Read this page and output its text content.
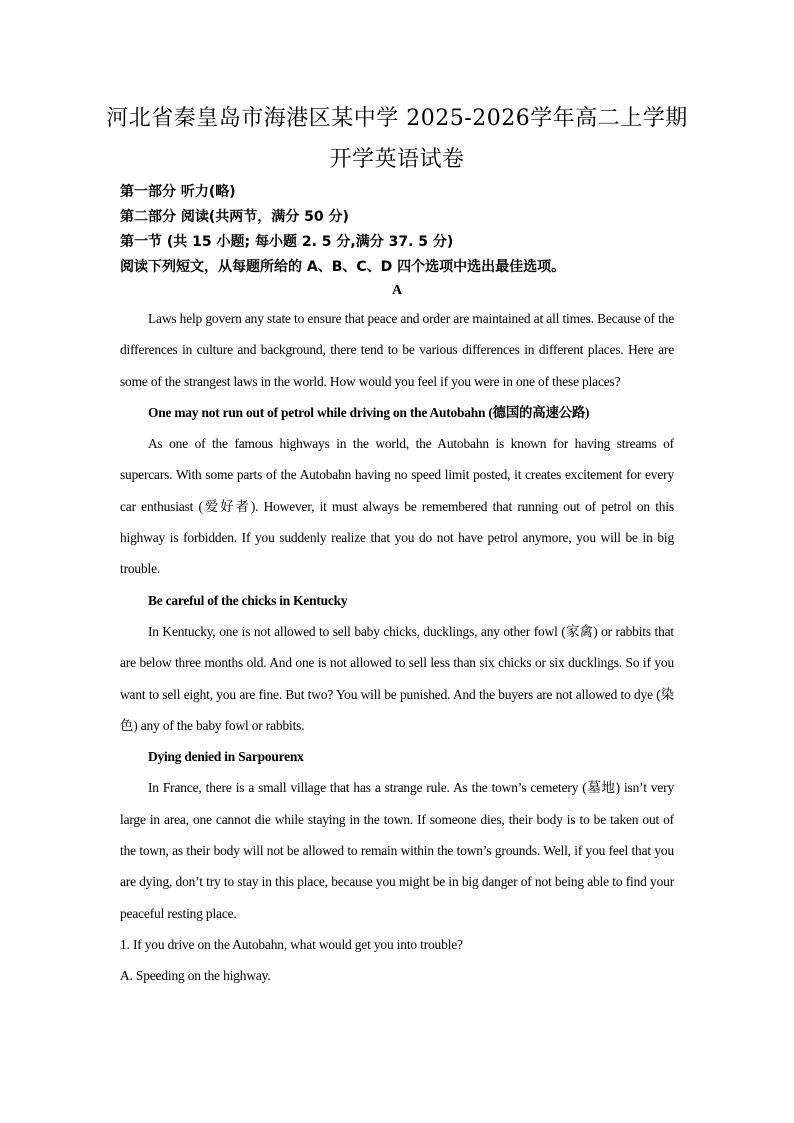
河北省秦皇岛市海港区某中学 2025-2026学年高二上学期
开学英语试卷
第一部分 听力(略)
第二部分 阅读(共两节，满分 50 分)
第一节 (共 15 小题; 每小题 2. 5 分,满分 37. 5 分)
阅读下列短文，从每题所给的 A、B、C、D 四个选项中选出最佳选项。
A

Laws help govern any state to ensure that peace and order are maintained at all times. Because of the differences in culture and background, there tend to be various differences in different places. Here are some of the strangest laws in the world. How would you feel if you were in one of these places?

One may not run out of petrol while driving on the Autobahn (德国的高速公路)

As one of the famous highways in the world, the Autobahn is known for having streams of supercars. With some parts of the Autobahn having no speed limit posted, it creates excitement for every car enthusiast (爱好者). However, it must always be remembered that running out of petrol on this highway is forbidden. If you suddenly realize that you do not have petrol anymore, you will be in big trouble.

Be careful of the chicks in Kentucky

In Kentucky, one is not allowed to sell baby chicks, ducklings, any other fowl (家禽) or rabbits that are below three months old. And one is not allowed to sell less than six chicks or six ducklings. So if you want to sell eight, you are fine. But two? You will be punished. And the buyers are not allowed to dye (染色) any of the baby fowl or rabbits.

Dying denied in Sarpourenx

In France, there is a small village that has a strange rule. As the town’s cemetery (墓地) isn’t very large in area, one cannot die while staying in the town. If someone dies, their body is to be taken out of the town, as their body will not be allowed to remain within the town’s grounds. Well, if you feel that you are dying, don’t try to stay in this place, because you might be in big danger of not being able to find your peaceful resting place.

1. If you drive on the Autobahn, what would get you into trouble?

A. Speeding on the highway.
